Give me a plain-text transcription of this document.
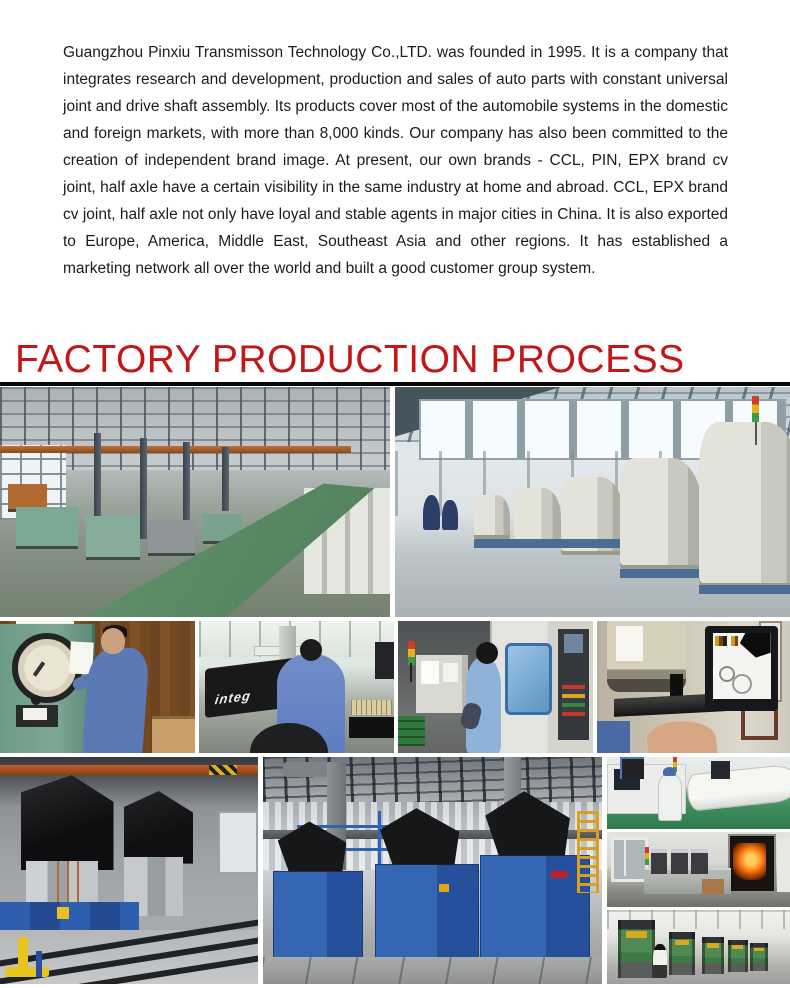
Guangzhou Pinxiu Transmisson Technology Co.,LTD. was founded in 1995. It is a company that integrates research and development, production and sales of auto parts with constant universal joint and drive shaft assembly. Its products cover most of the automobile systems in the domestic and foreign markets, with more than 8,000 kinds. Our company has also been committed to the creation of independent brand image. At present, our own brands - CCL, PIN, EPX brand cv joint, half axle have a certain visibility in the same industry at home and abroad. CCL, EPX brand cv joint, half axle not only have loyal and stable agents in major cities in China. It is also exported to Europe, America, Middle East, Southeast Asia and other regions. It has established a marketing network all over the world and built a good customer group system.

FACTORY PRODUCTION PROCESS
integ
